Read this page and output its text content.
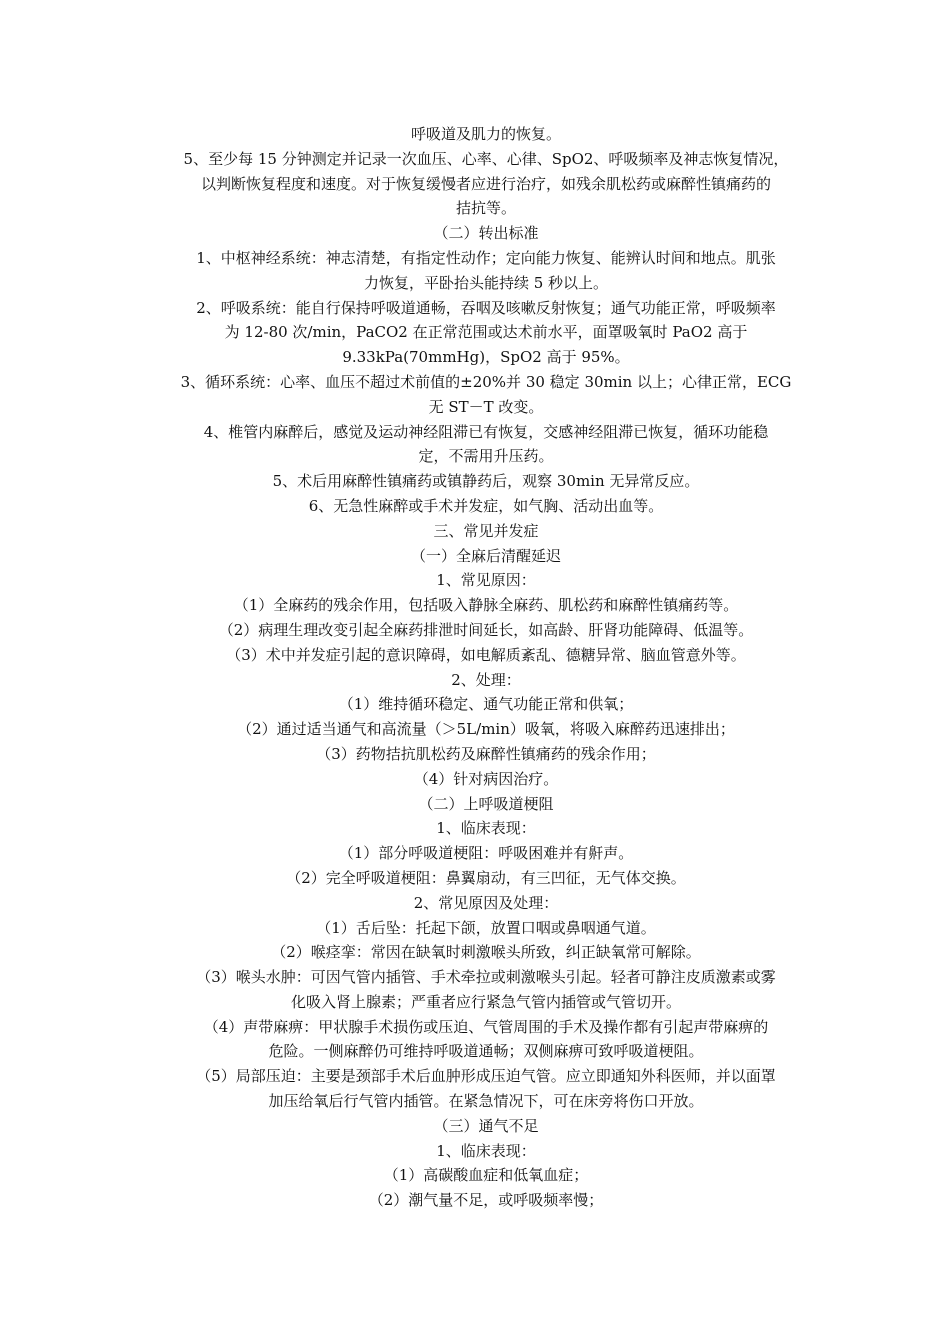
呼吸道及肌力的恢复。
5、至少每 15 分钟测定并记录一次血压、心率、心律、SpO2、呼吸频率及神志恢复情况，
以判断恢复程度和速度。对于恢复缓慢者应进行治疗，如残余肌松药或麻醉性镇痛药的
拮抗等。
（二）转出标准
1、中枢神经系统：神志清楚，有指定性动作；定向能力恢复、能辨认时间和地点。肌张
力恢复，平卧抬头能持续 5 秒以上。
2、呼吸系统：能自行保持呼吸道通畅，吞咽及咳嗽反射恢复；通气功能正常，呼吸频率
为 12-80 次/min，PaCO2 在正常范围或达术前水平，面罩吸氧时 PaO2 高于
9.33kPa(70mmHg)，SpO2 高于 95%。
3、循环系统：心率、血压不超过术前值的±20%并 30 稳定 30min 以上；心律正常，ECG
无 ST－T 改变。
4、椎管内麻醉后，感觉及运动神经阻滞已有恢复，交感神经阻滞已恢复，循环功能稳
定，不需用升压药。
5、术后用麻醉性镇痛药或镇静药后，观察 30min 无异常反应。
6、无急性麻醉或手术并发症，如气胸、活动出血等。
三、常见并发症
（一）全麻后清醒延迟
1、常见原因：
（1）全麻药的残余作用，包括吸入静脉全麻药、肌松药和麻醉性镇痛药等。
（2）病理生理改变引起全麻药排泄时间延长，如高龄、肝肾功能障碍、低温等。
（3）术中并发症引起的意识障碍，如电解质紊乱、德糖异常、脑血管意外等。
2、处理：
（1）维持循环稳定、通气功能正常和供氧；
（2）通过适当通气和高流量（＞5L/min）吸氧，将吸入麻醉药迅速排出；
（3）药物拮抗肌松药及麻醉性镇痛药的残余作用；
（4）针对病因治疗。
（二）上呼吸道梗阻
1、临床表现：
（1）部分呼吸道梗阻：呼吸困难并有鼾声。
（2）完全呼吸道梗阻：鼻翼扇动，有三凹征，无气体交换。
2、常见原因及处理：
（1）舌后坠：托起下颌，放置口咽或鼻咽通气道。
（2）喉痉挛：常因在缺氧时刺激喉头所致，纠正缺氧常可解除。
（3）喉头水肿：可因气管内插管、手术牵拉或刺激喉头引起。轻者可静注皮质激素或雾
化吸入肾上腺素；严重者应行紧急气管内插管或气管切开。
（4）声带麻痹：甲状腺手术损伤或压迫、气管周围的手术及操作都有引起声带麻痹的
危险。一侧麻醉仍可维持呼吸道通畅；双侧麻痹可致呼吸道梗阻。
（5）局部压迫：主要是颈部手术后血肿形成压迫气管。应立即通知外科医师，并以面罩
加压给氧后行气管内插管。在紧急情况下，可在床旁将伤口开放。
（三）通气不足
1、临床表现：
（1）高碳酸血症和低氧血症；
（2）潮气量不足，或呼吸频率慢；
